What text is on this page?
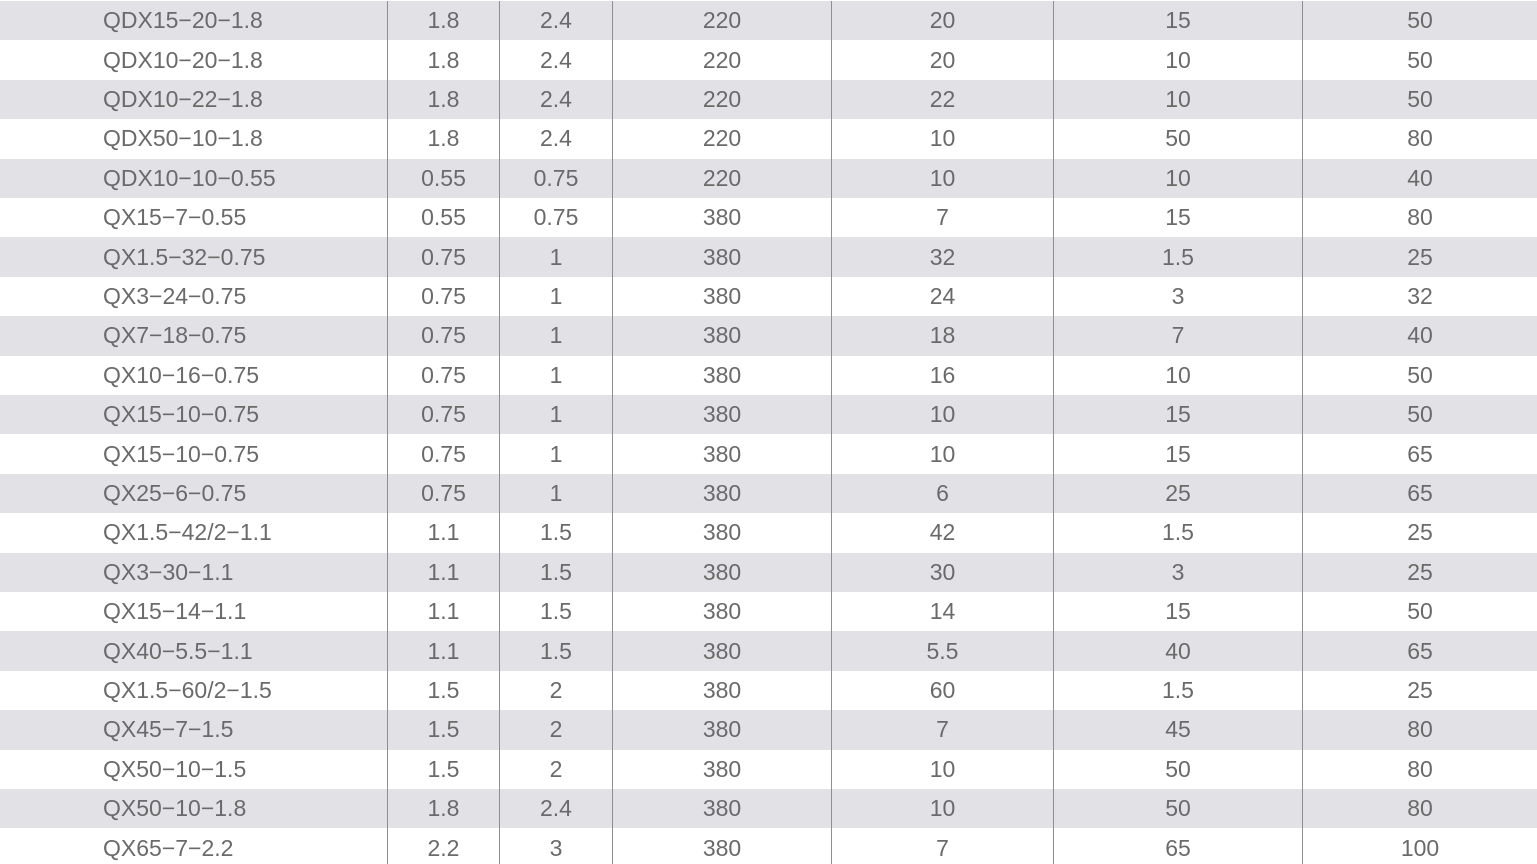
QDX15−20−1.8	1.8	2.4	220	20	15	50
QDX10−20−1.8	1.8	2.4	220	20	10	50
QDX10−22−1.8	1.8	2.4	220	22	10	50
QDX50−10−1.8	1.8	2.4	220	10	50	80
QDX10−10−0.55	0.55	0.75	220	10	10	40
QX15−7−0.55	0.55	0.75	380	7	15	80
QX1.5−32−0.75	0.75	1	380	32	1.5	25
QX3−24−0.75	0.75	1	380	24	3	32
QX7−18−0.75	0.75	1	380	18	7	40
QX10−16−0.75	0.75	1	380	16	10	50
QX15−10−0.75	0.75	1	380	10	15	50
QX15−10−0.75	0.75	1	380	10	15	65
QX25−6−0.75	0.75	1	380	6	25	65
QX1.5−42/2−1.1	1.1	1.5	380	42	1.5	25
QX3−30−1.1	1.1	1.5	380	30	3	25
QX15−14−1.1	1.1	1.5	380	14	15	50
QX40−5.5−1.1	1.1	1.5	380	5.5	40	65
QX1.5−60/2−1.5	1.5	2	380	60	1.5	25
QX45−7−1.5	1.5	2	380	7	45	80
QX50−10−1.5	1.5	2	380	10	50	80
QX50−10−1.8	1.8	2.4	380	10	50	80
QX65−7−2.2	2.2	3	380	7	65	100
